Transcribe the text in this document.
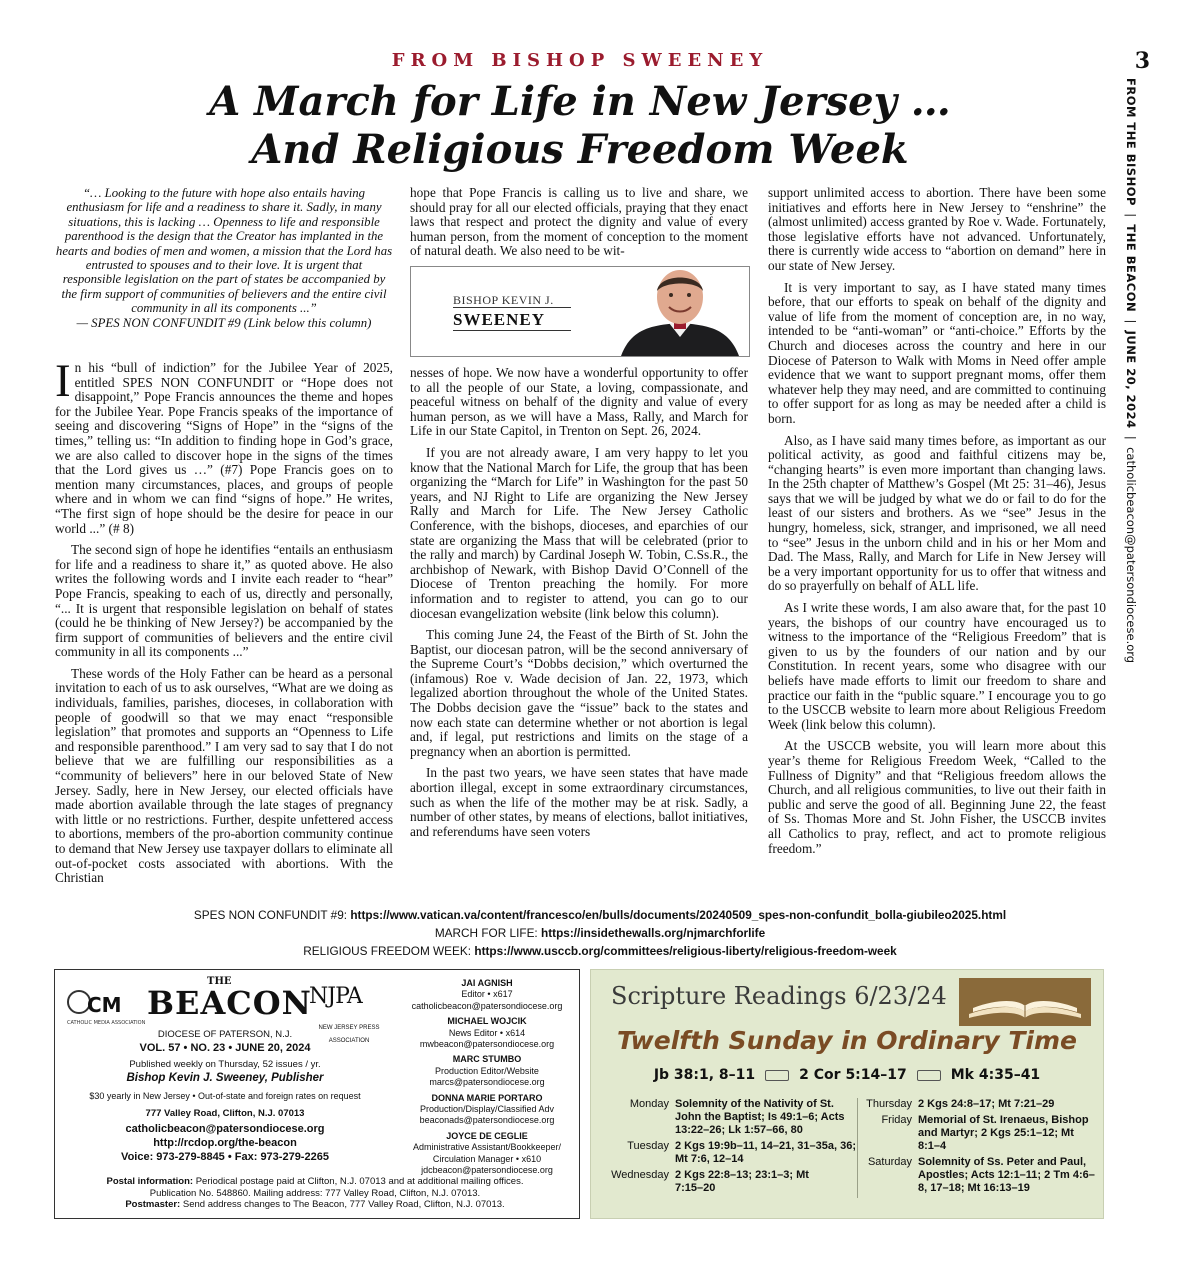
FROM BISHOP SWEENEY
A March for Life in New Jersey …
And Religious Freedom Week
3
FROM THE BISHOP  |  THE BEACON  |  JUNE 20, 2024  |  catholicbeacon@patersondiocese.org
“… Looking to the future with hope also entails having enthusiasm for life and a readiness to share it. Sadly, in many situations, this is lacking … Openness to life and responsible parenthood is the design that the Creator has implanted in the hearts and bodies of men and women, a mission that the Lord has entrusted to spouses and to their love. It is urgent that responsible legislation on the part of states be accompanied by the firm support of communities of believers and the entire civil community in all its components ...”
— SPES NON CONFUNDIT #9 (Link below this column)

In his “bull of indiction” for the Jubilee Year of 2025, entitled SPES NON CONFUNDIT or “Hope does not disappoint,” Pope Francis announces the theme and hopes for the Jubilee Year. Pope Francis speaks of the importance of seeing and discovering “Signs of Hope” in the “signs of the times,” telling us: “In addition to finding hope in God’s grace, we are also called to discover hope in the signs of the times that the Lord gives us …” (#7) Pope Francis goes on to mention many circumstances, places, and groups of people where and in whom we can find “signs of hope.” He writes, “The first sign of hope should be the desire for peace in our world ...” (# 8)

The second sign of hope he identifies “entails an enthusiasm for life and a readiness to share it,” as quoted above. He also writes the following words and I invite each reader to “hear” Pope Francis, speaking to each of us, directly and personally, “... It is urgent that responsible legislation on behalf of states (could he be thinking of New Jersey?) be accompanied by the firm support of communities of believers and the entire civil community in all its components ...”

These words of the Holy Father can be heard as a personal invitation to each of us to ask ourselves, “What are we doing as individuals, families, parishes, dioceses, in collaboration with people of goodwill so that we may enact “responsible legislation” that promotes and supports an “Openness to Life and responsible parenthood.” I am very sad to say that I do not believe that we are fulfilling our responsibilities as a “community of believers” here in our beloved State of New Jersey. Sadly, here in New Jersey, our elected officials have made abortion available through the late stages of pregnancy with little or no restrictions. Further, despite unfettered access to abortions, members of the pro-abortion community continue to demand that New Jersey use taxpayer dollars to eliminate all out-of-pocket costs associated with abortions. With the Christian

hope that Pope Francis is calling us to live and share, we should pray for all our elected officials, praying that they enact laws that respect and protect the dignity and value of every human person, from the moment of conception to the moment of natural death. We also need to be wit-

BISHOP KEVIN J.
SWEENEY

nesses of hope. We now have a wonderful opportunity to offer to all the people of our State, a loving, compassionate, and peaceful witness on behalf of the dignity and value of every human person, as we will have a Mass, Rally, and March for Life in our State Capitol, in Trenton on Sept. 26, 2024.

If you are not already aware, I am very happy to let you know that the National March for Life, the group that has been organizing the “March for Life” in Washington for the past 50 years, and NJ Right to Life are organizing the New Jersey Rally and March for Life. The New Jersey Catholic Conference, with the bishops, dioceses, and eparchies of our state are organizing the Mass that will be celebrated (prior to the rally and march) by Cardinal Joseph W. Tobin, C.Ss.R., the archbishop of Newark, with Bishop David O’Connell of the Diocese of Trenton preaching the homily. For more information and to register to attend, you can go to our diocesan evangelization website (link below this column).

This coming June 24, the Feast of the Birth of St. John the Baptist, our diocesan patron, will be the second anniversary of the Supreme Court’s “Dobbs decision,” which overturned the (infamous) Roe v. Wade decision of Jan. 22, 1973, which legalized abortion throughout the whole of the United States. The Dobbs decision gave the “issue” back to the states and now each state can determine whether or not abortion is legal and, if legal, put restrictions and limits on the stage of a pregnancy when an abortion is permitted.

In the past two years, we have seen states that have made abortion illegal, except in some extraordinary circumstances, such as when the life of the mother may be at risk. Sadly, a number of other states, by means of elections, ballot initiatives, and referendums have seen voters

support unlimited access to abortion. There have been some initiatives and efforts here in New Jersey to “enshrine” the (almost unlimited) access granted by Roe v. Wade. Fortunately, those legislative efforts have not advanced. Unfortunately, there is currently wide access to “abortion on demand” here in our state of New Jersey.

It is very important to say, as I have stated many times before, that our efforts to speak on behalf of the dignity and value of life from the moment of conception are, in no way, intended to be “anti-woman” or “anti-choice.” Efforts by the Church and dioceses across the country and here in our Diocese of Paterson to Walk with Moms in Need offer ample evidence that we want to support pregnant moms, offer them whatever help they may need, and are committed to continuing to offer support for as long as may be needed after a child is born.

Also, as I have said many times before, as important as our political activity, as good and faithful citizens may be, “changing hearts” is even more important than changing laws. In the 25th chapter of Matthew’s Gospel (Mt 25: 31–46), Jesus says that we will be judged by what we do or fail to do for the least of our sisters and brothers. As we “see” Jesus in the hungry, homeless, sick, stranger, and imprisoned, we all need to “see” Jesus in the unborn child and in his or her Mom and Dad. The Mass, Rally, and March for Life in New Jersey will be a very important opportunity for us to offer that witness and do so prayerfully on behalf of ALL life.

As I write these words, I am also aware that, for the past 10 years, the bishops of our country have encouraged us to witness to the importance of the “Religious Freedom” that is given to us by the founders of our nation and by our Constitution. In recent years, some who disagree with our beliefs have made efforts to limit our freedom to share and practice our faith in the “public square.” I encourage you to go to the USCCB website to learn more about Religious Freedom Week (link below this column).

At the USCCB website, you will learn more about this year’s theme for Religious Freedom Week, “Called to the Fullness of Dignity” and that “Religious freedom allows the Church, and all religious communities, to live out their faith in public and serve the good of all. Beginning June 22, the feast of Ss. Thomas More and St. John Fisher, the USCCB invites all Catholics to pray, reflect, and act to promote religious freedom.”

SPES NON CONFUNDIT #9: https://www.vatican.va/content/francesco/en/bulls/documents/20240509_spes-non-confundit_bolla-giubileo2025.html
MARCH FOR LIFE: https://insidethewalls.org/njmarchforlife
RELIGIOUS FREEDOM WEEK: https://www.usccb.org/committees/religious-liberty/religious-freedom-week
CM
CATHOLIC MEDIA ASSOCIATION
THE
BEACON
NJPA
NEW JERSEY PRESS ASSOCIATION
DIOCESE OF PATERSON, N.J.
VOL. 57 • NO. 23 • JUNE 20, 2024
Published weekly on Thursday, 52 issues / yr.
Bishop Kevin J. Sweeney, Publisher
$30 yearly in New Jersey • Out-of-state and foreign rates on request
777 Valley Road, Clifton, N.J. 07013
catholicbeacon@patersondiocese.org
http://rcdop.org/the-beacon
Voice: 973-279-8845 • Fax: 973-279-2265
JAI AGNISH
Editor • x617
catholicbeacon@patersondiocese.org
MICHAEL WOJCIK
News Editor • x614
mwbeacon@patersondiocese.org
MARC STUMBO
Production Editor/Website
marcs@patersondiocese.org
DONNA MARIE PORTARO
Production/Display/Classified Adv
beaconads@patersondiocese.org
JOYCE DE CEGLIE
Administrative Assistant/Bookkeeper/ Circulation Manager • x610
jdcbeacon@patersondiocese.org
Postal information: Periodical postage paid at Clifton, N.J. 07013 and at additional mailing offices.
Publication No. 548860. Mailing address: 777 Valley Road, Clifton, N.J. 07013.
Postmaster: Send address changes to The Beacon, 777 Valley Road, Clifton, N.J. 07013.
Scripture Readings 6/23/24
Twelfth Sunday in Ordinary Time
Jb 38:1, 8–11	2 Cor 5:14–17	Mk 4:35–41
Monday Solemnity of the Nativity of St. John the Baptist; Is 49:1–6; Acts 13:22–26; Lk 1:57–66, 80
Tuesday 2 Kgs 19:9b–11, 14–21, 31–35a, 36; Mt 7:6, 12–14
Wednesday 2 Kgs 22:8–13; 23:1–3; Mt 7:15–20
Thursday 2 Kgs 24:8–17; Mt 7:21–29
Friday Memorial of St. Irenaeus, Bishop and Martyr; 2 Kgs 25:1–12; Mt 8:1–4
Saturday Solemnity of Ss. Peter and Paul, Apostles; Acts 12:1–11; 2 Tm 4:6–8, 17–18; Mt 16:13–19
